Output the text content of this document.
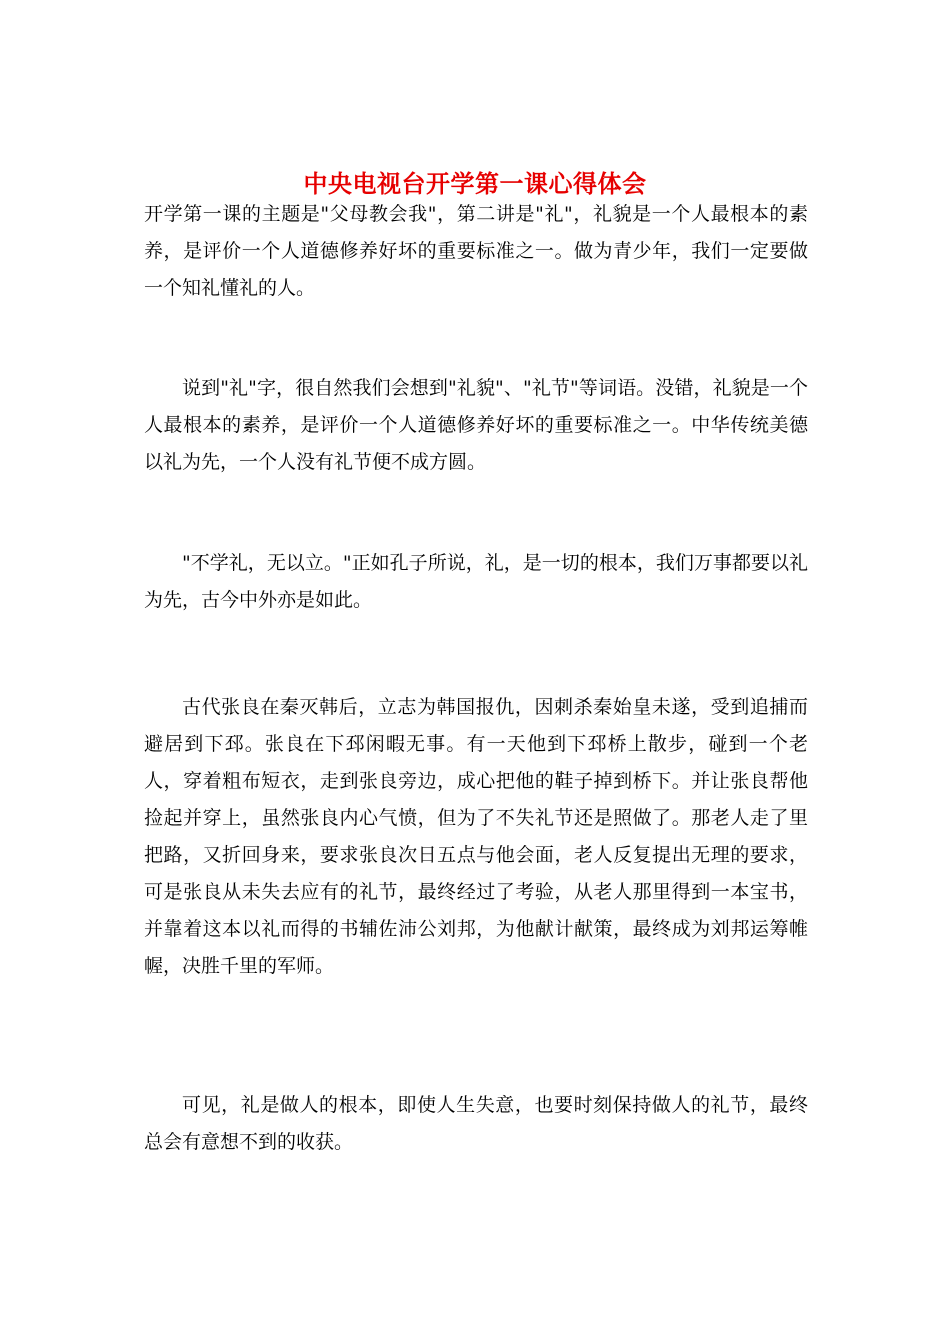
中央电视台开学第一课心得体会

开学第一课的主题是"父母教会我"，第二讲是"礼"，礼貌是一个人最根本的素养，是评价一个人道德修养好坏的重要标准之一。做为青少年，我们一定要做一个知礼懂礼的人。

说到"礼"字，很自然我们会想到"礼貌"、"礼节"等词语。没错，礼貌是一个人最根本的素养，是评价一个人道德修养好坏的重要标准之一。中华传统美德以礼为先，一个人没有礼节便不成方圆。

"不学礼，无以立。"正如孔子所说，礼，是一切的根本，我们万事都要以礼为先，古今中外亦是如此。

古代张良在秦灭韩后，立志为韩国报仇，因刺杀秦始皇未遂，受到追捕而避居到下邳。张良在下邳闲暇无事。有一天他到下邳桥上散步，碰到一个老人，穿着粗布短衣，走到张良旁边，成心把他的鞋子掉到桥下。并让张良帮他捡起并穿上，虽然张良内心气愤，但为了不失礼节还是照做了。那老人走了里把路，又折回身来，要求张良次日五点与他会面，老人反复提出无理的要求，可是张良从未失去应有的礼节，最终经过了考验，从老人那里得到一本宝书，并靠着这本以礼而得的书辅佐沛公刘邦，为他献计献策，最终成为刘邦运筹帷幄，决胜千里的军师。

可见，礼是做人的根本，即使人生失意，也要时刻保持做人的礼节，最终总会有意想不到的收获。
